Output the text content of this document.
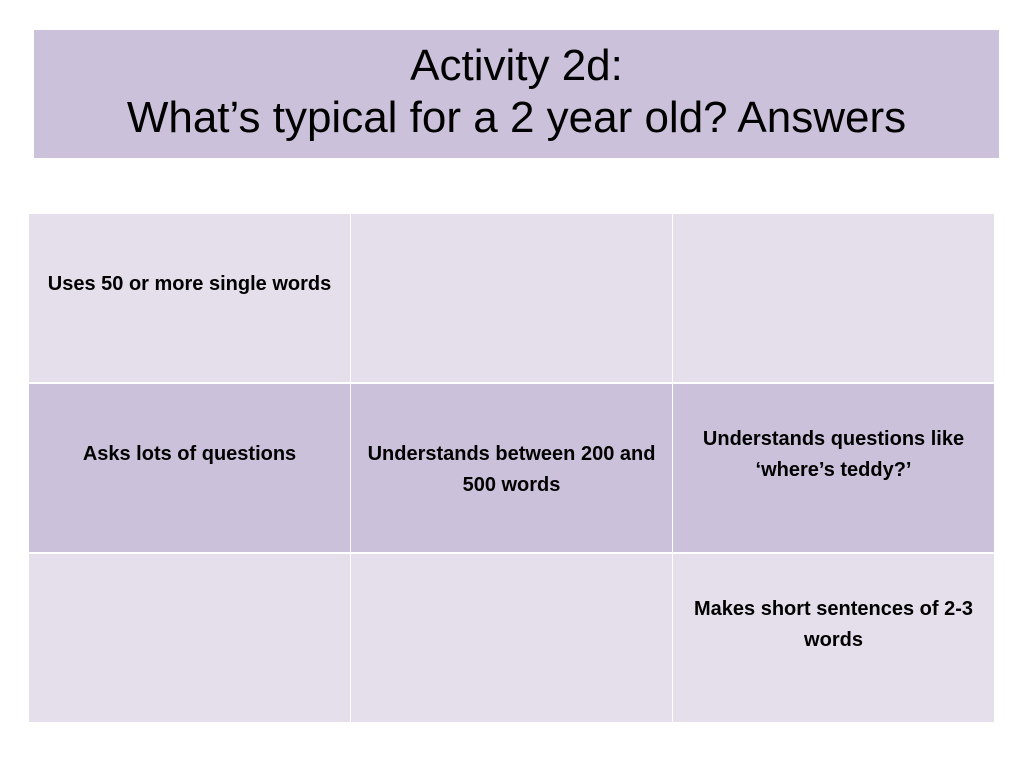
Activity 2d:
What’s typical for a 2 year old? Answers
Uses 50 or more single words
Asks lots of questions	Understands between 200 and 500 words
Understands questions like ‘where’s teddy?’
Makes short sentences of 2-3 words
